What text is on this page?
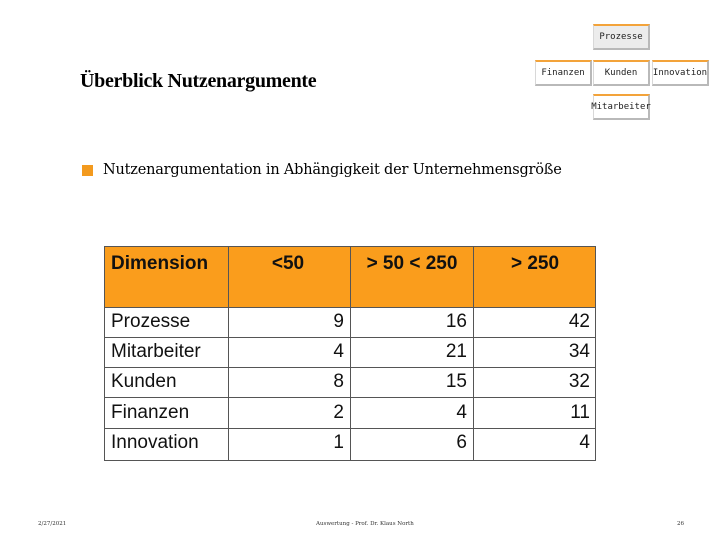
Überblick Nutzenargumente
Prozesse
Finanzen	Kunden	Innovation
Mitarbeiter
Nutzenargumentation in Abhängigkeit der Unternehmensgröße
Dimension	<50	> 50 < 250	> 250
Prozesse	9	16	42
Mitarbeiter	4	21	34
Kunden	8	15	32
Finanzen	2	4	11
Innovation	1	6	4
2/27/2021	Auswertung - Prof. Dr. Klaus North	26
